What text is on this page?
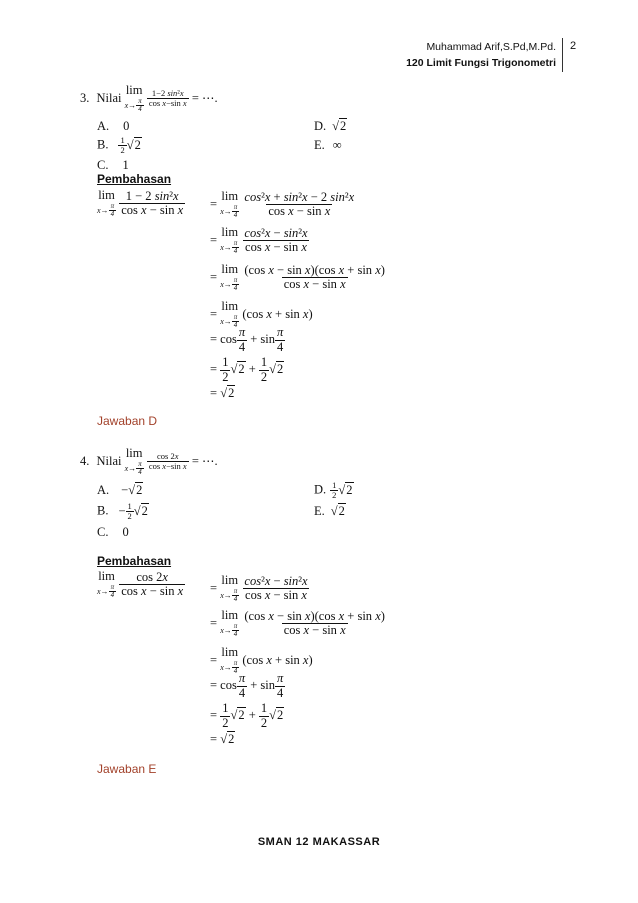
Muhammad Arif,S.Pd,M.Pd.
120 Limit Fungsi Trigonometri
2
3. Nilai
lim
$x\to \frac{\pi}{4}$
$\frac{\text{1−2 sin²x}}{\text{cos x−sin x}}$ = ⋯.
A. 0
B. $\frac{1}{2} √2$
C. 1
D. √2
E. ∞
Pembahasan
lim
$x\to \frac{\pi}{4}$
$\frac{\text{1 − 2 sin²x}}{\text{cos x − sin x}}$ =
lim
$x\to \frac{\pi}{4}$
$\frac{\text{cos²x + sin²x − 2 sin²x}}{\text{cos x − sin x}}$
=
lim
$x\to \frac{\pi}{4}$
$\frac{\text{cos²x − sin²x}}{\text{cos x − sin x}}$
=
lim
$x\to \frac{\pi}{4}$
$\frac{\text{(cos x − sin x)(cos x + sin x)}}{\text{cos x − sin x}}$
=
lim
$x\to \frac{\pi}{4} (\cos$ x + sin x)
= $\cos \frac{\pi}{4} + \sin \frac{\pi}{4}$
= $\frac{1}{2} √2 + \frac{1}{2} √2$
= √2
Jawaban D
4. Nilai
lim
$x\to \frac{\pi}{4}$
$\frac{\cos 2x}{\text{cos x−sin x}}$ = ⋯.
A. −√2
B. − $\frac{1}{2} √2$
C. 0
D. $\frac{1}{2} √2$
E. √2
Pembahasan
lim
$x\to \frac{\pi}{4}$
$\frac{\cos 2x}{\text{cos x − sin x}}$ =
lim
$x\to \frac{\pi}{4}$
$\frac{\text{cos²x − sin²x}}{\text{cos x − sin x}}$
=
lim
$x\to \frac{\pi}{4}$
$\frac{\text{(cos x − sin x)(cos x + sin x)}}{\text{cos x − sin x}}$
=
lim
$x\to \frac{\pi}{4} (\cos$ x + sin x)
= $\cos \frac{\pi}{4} + \sin \frac{\pi}{4}$
= $\frac{1}{2} √2 + \frac{1}{2} √2$
= √2
Jawaban E
SMAN 12 MAKASSAR
